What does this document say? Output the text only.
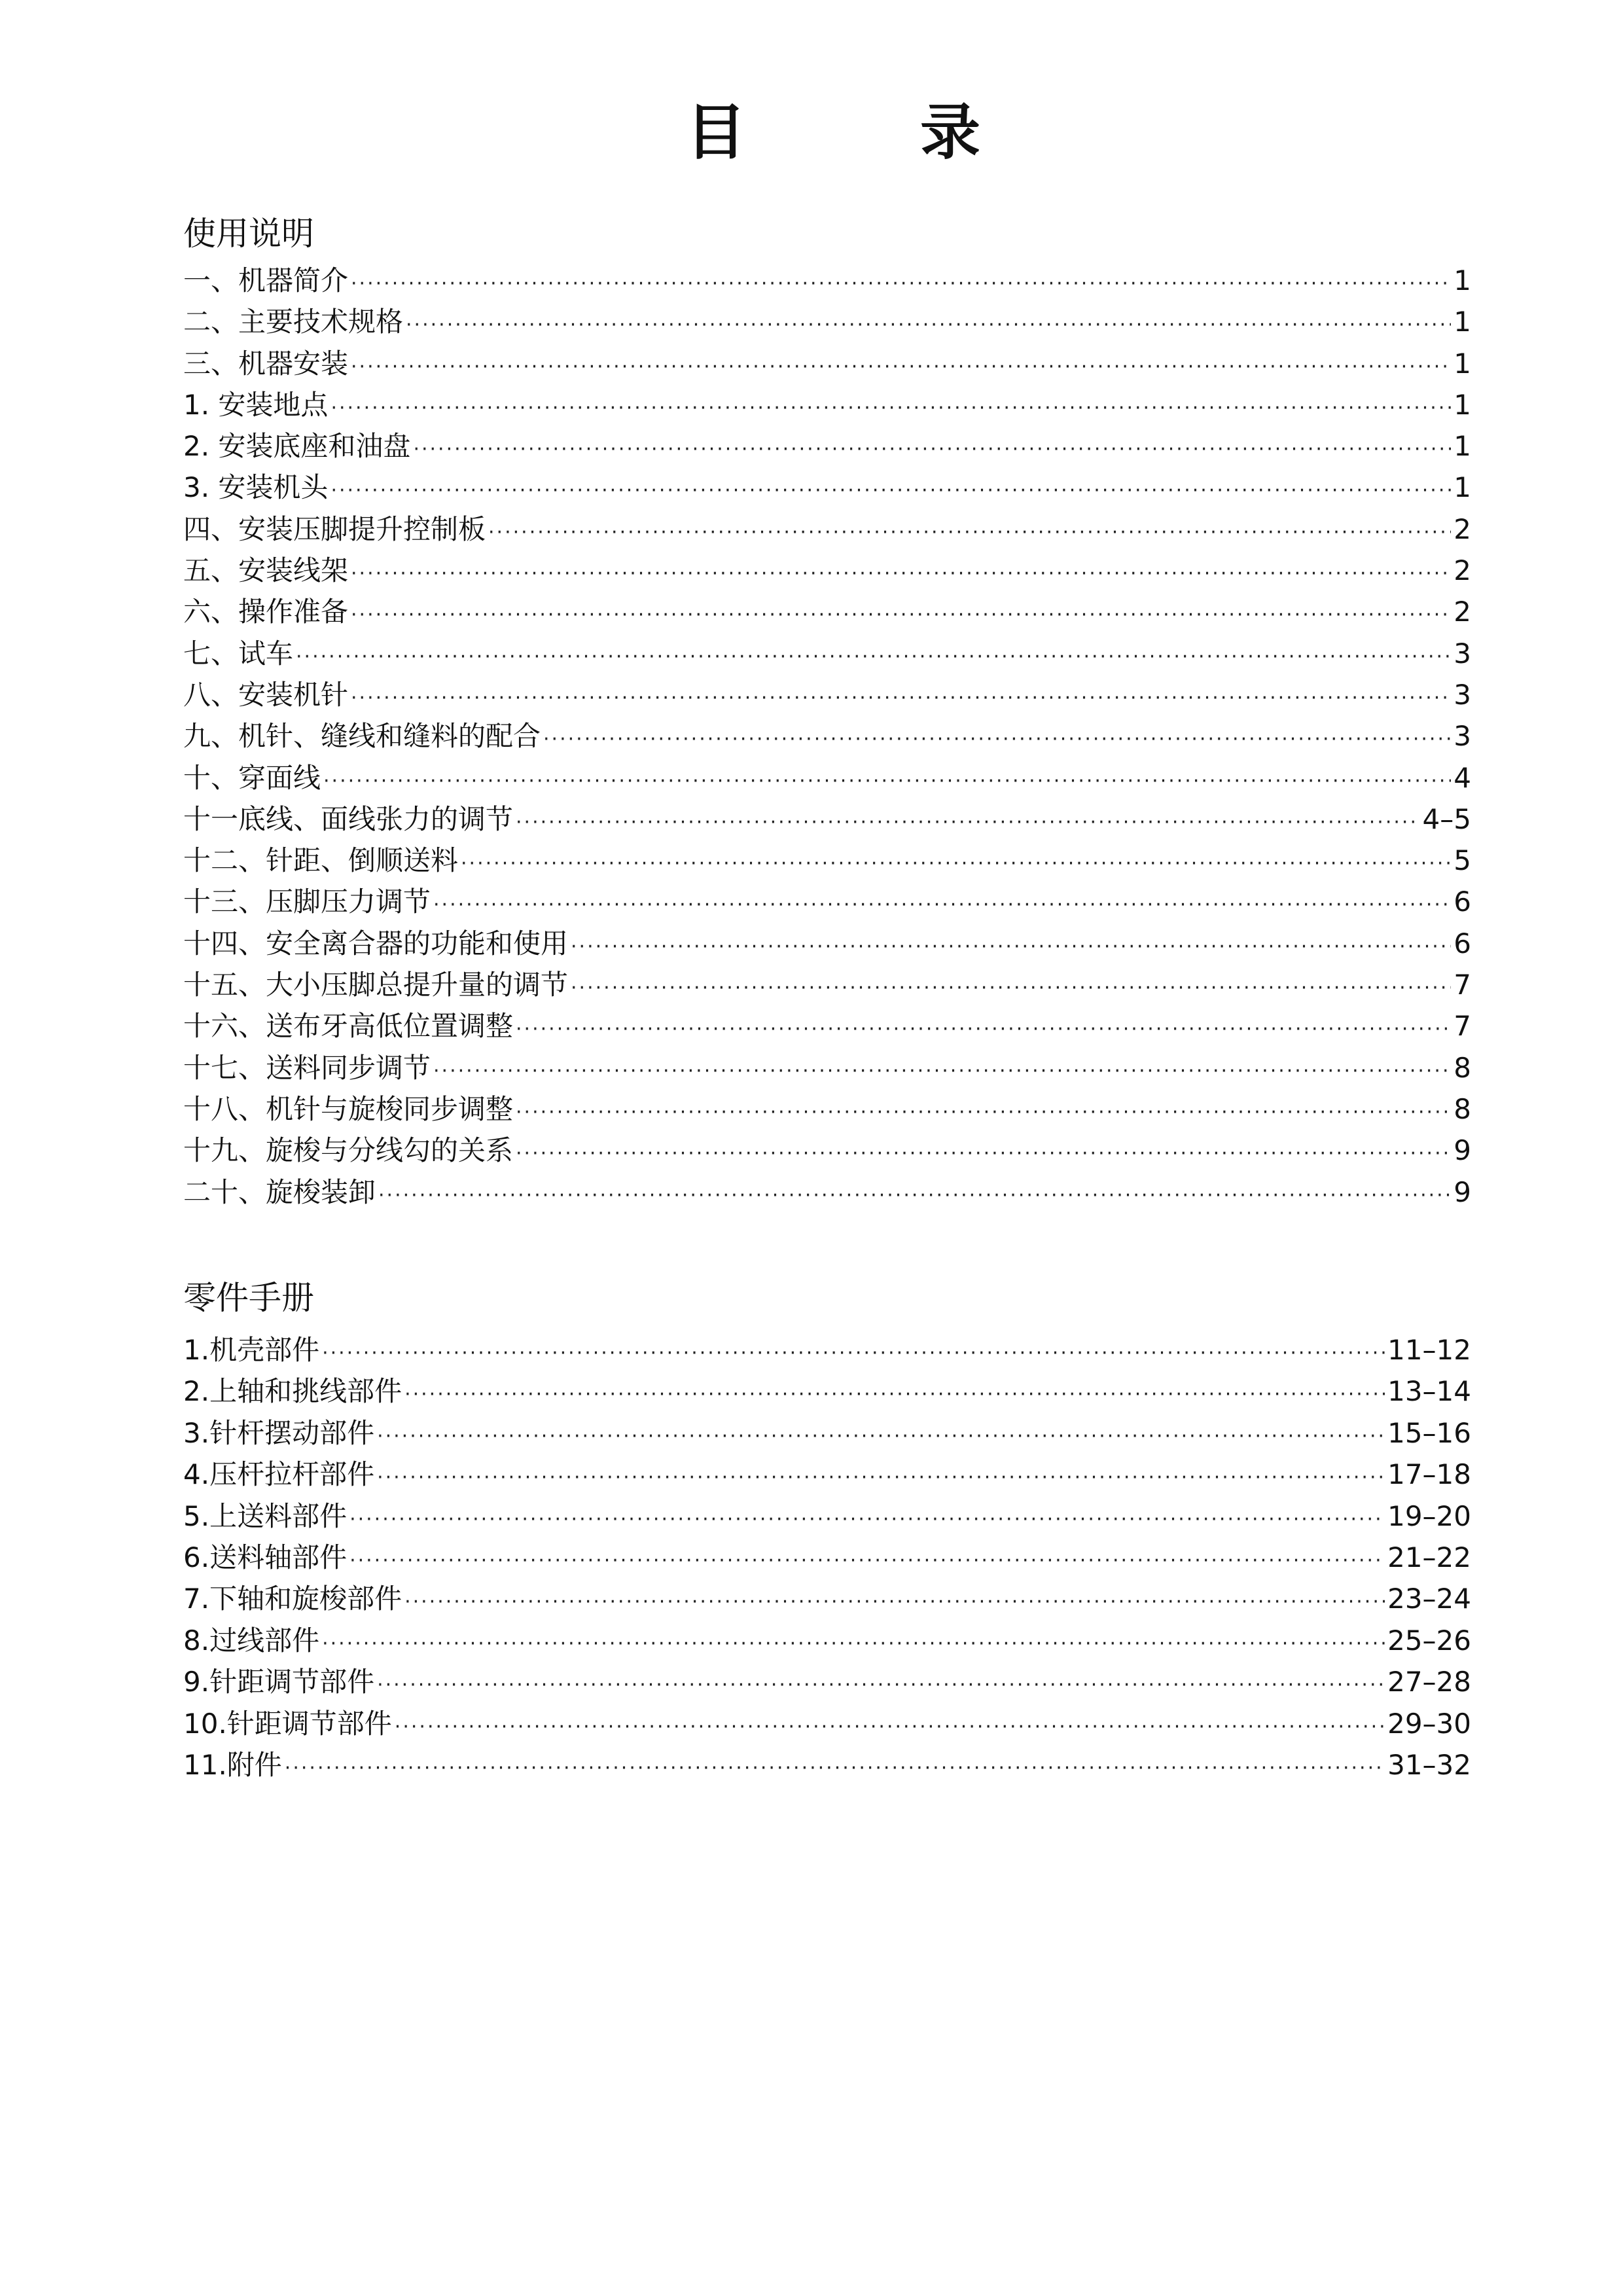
目	录
使用说明
一、机器简介 ·····	1
二、主要技术规格 ·····	1
三、机器安装 ·····	1
1. 安装地点 ·····	1
2. 安装底座和油盘 ·····	1
3. 安装机头 ·····	1
四、安装压脚提升控制板 ·····	2
五、安装线架 ·····	2
六、操作准备 ·····	2
七、试车 ·····	3
八、安装机针 ·····	3
九、机针、缝线和缝料的配合 ·····	3
十、穿面线 ·····	4
十一底线、面线张力的调节 ·····	4–5
十二、针距、倒顺送料 ·····	5
十三、压脚压力调节 ·····	6
十四、安全离合器的功能和使用 ·····	6
十五、大小压脚总提升量的调节 ·····	7
十六、送布牙高低位置调整 ·····	7
十七、送料同步调节 ·····	8
十八、机针与旋梭同步调整 ·····	8
十九、旋梭与分线勾的关系 ·····	9
二十、旋梭装卸 ·····	9
零件手册
1.机壳部件 ·····	11–12
2.上轴和挑线部件 ·····	13–14
3.针杆摆动部件 ·····	15–16
4.压杆拉杆部件 ·····	17–18
5.上送料部件 ·····	19–20
6.送料轴部件 ·····	21–22
7.下轴和旋梭部件 ·····	23–24
8.过线部件 ·····	25–26
9.针距调节部件 ·····	27–28
10.针距调节部件 ·····	29–30
11.附件 ·····	31–32
